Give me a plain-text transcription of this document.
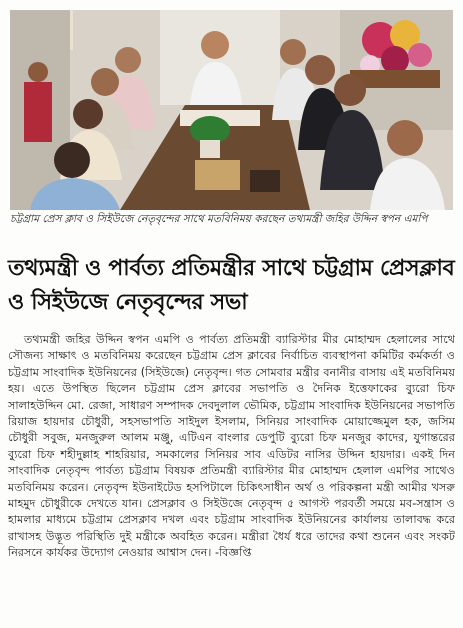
চট্টগ্রাম প্রেস ক্লাব ও সিইউজে নেতৃবৃন্দের সাথে মতবিনিময় করছেন তথ্যমন্ত্রী জহির উদ্দিন স্বপন এমপি
তথ্যমন্ত্রী ও পার্বত্য প্রতিমন্ত্রীর সাথে চট্টগ্রাম প্রেসক্লাব ও সিইউজে নেতৃবৃন্দের সভা

তথ্যমন্ত্রী জহির উদ্দিন স্বপন এমপি ও পার্বত্য প্রতিমন্ত্রী ব্যারিস্টার মীর মোহাম্মদ হেলালের সাথে সৌজন্য সাক্ষাৎ ও মতবিনিময় করেছেন চট্টগ্রাম প্রেস ক্লাবের নির্বাচিত ব্যবস্থাপনা কমিটির কর্মকর্তা ও চট্টগ্রাম সাংবাদিক ইউনিয়নের (সিইউজে) নেতৃবৃন্দ। গত সোমবার মন্ত্রীর বনানীর বাসায় এই মতবিনিময় হয়। এতে উপস্থিত ছিলেন চট্টগ্রাম প্রেস ক্লাবের সভাপতি ও দৈনিক ইত্তেফাকের ব্যুরো চিফ সালাহউদ্দিন মো. রেজা, সাধারণ সম্পাদক দেবদুলাল ভৌমিক, চট্টগ্রাম সাংবাদিক ইউনিয়নের সভাপতি রিয়াজ হায়দার চৌধুরী, সহসভাপতি সাইদুল ইসলাম, সিনিয়র সাংবাদিক মোয়াজ্জেমুল হক, জসিম চৌধুরী সবুজ, মনজুরুল আলম মঞ্জু, এটিএন বাংলার ডেপুটি ব্যুরো চিফ মনজুর কাদের, যুগান্তরের ব্যুরো চিফ শহীদুল্লাহ শাহরিয়ার, সমকালের সিনিয়র সাব এডিটর নাসির উদ্দিন হায়দার। একই দিন সাংবাদিক নেতৃবৃন্দ পার্বত্য চট্টগ্রাম বিষয়ক প্রতিমন্ত্রী ব্যারিস্টার মীর মোহাম্মদ হেলাল এমপির সাথেও মতবিনিময় করেন। নেতৃবৃন্দ ইউনাইটেড হসপিটালে চিকিৎসাধীন অর্থ ও পরিকল্পনা মন্ত্রী আমীর খসরু মাহমুদ চৌধুরীকে দেখতে যান। প্রেসক্লাব ও সিইউজে নেতৃবৃন্দ ৫ আগস্ট পরবর্তী সময়ে মব-সন্ত্রাস ও হামলার মাধ্যমে চট্টগ্রাম প্রেসক্লাব দখল এবং চট্টগ্রাম সাংবাদিক ইউনিয়নের কার্যালয় তালাবদ্ধ করে রাখাসহ উদ্ভূত পরিস্থিতি দুই মন্ত্রীকে অবহিত করেন। মন্ত্রীরা ধৈর্য ধরে তাদের কথা শুনেন এবং সংকট নিরসনে কার্যকর উদ্যোগ নেওয়ার আশ্বাস দেন। -বিজ্ঞপ্তি
